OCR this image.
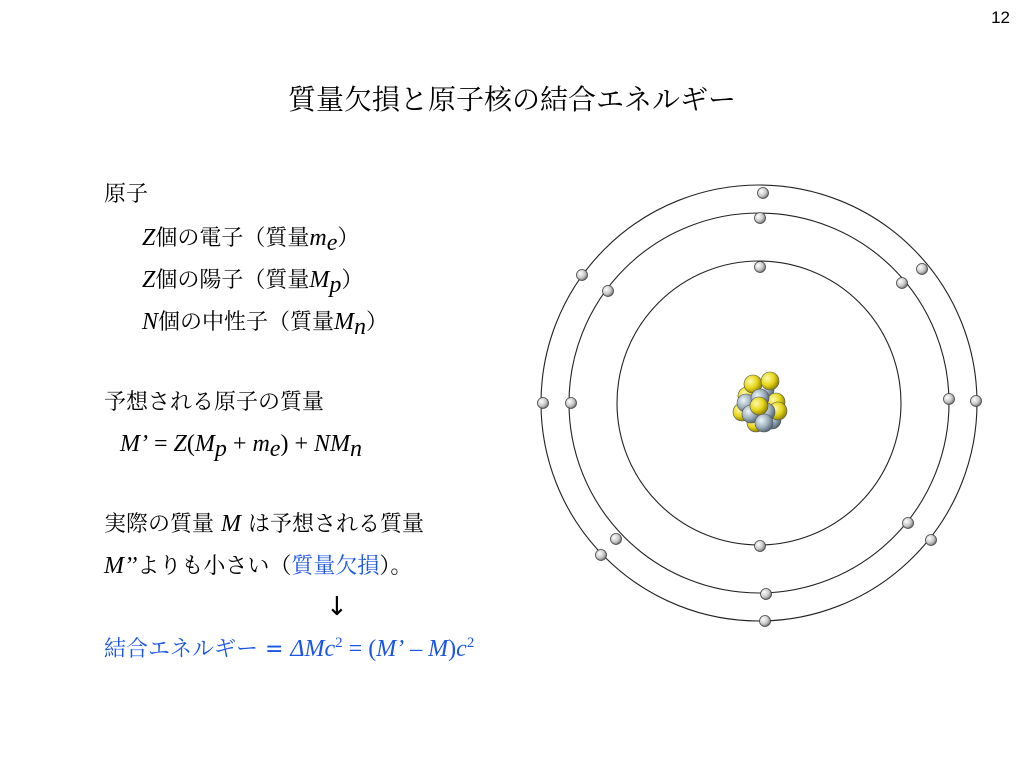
12
質量欠損と原子核の結合エネルギー
原子
Z個の電子（質量$m_e$）
Z個の陽子（質量$M_p$）
N個の中性子（質量$M_n$）
予想される原子の質量
M’ = $Z(M_p + m_e) + NM_n$
実際の質量 M は予想される質量
M’’よりも小さい（質量欠損）。
↓
結合エネルギー = ΔMc$^2$ = (M’ – $M)c^2$
